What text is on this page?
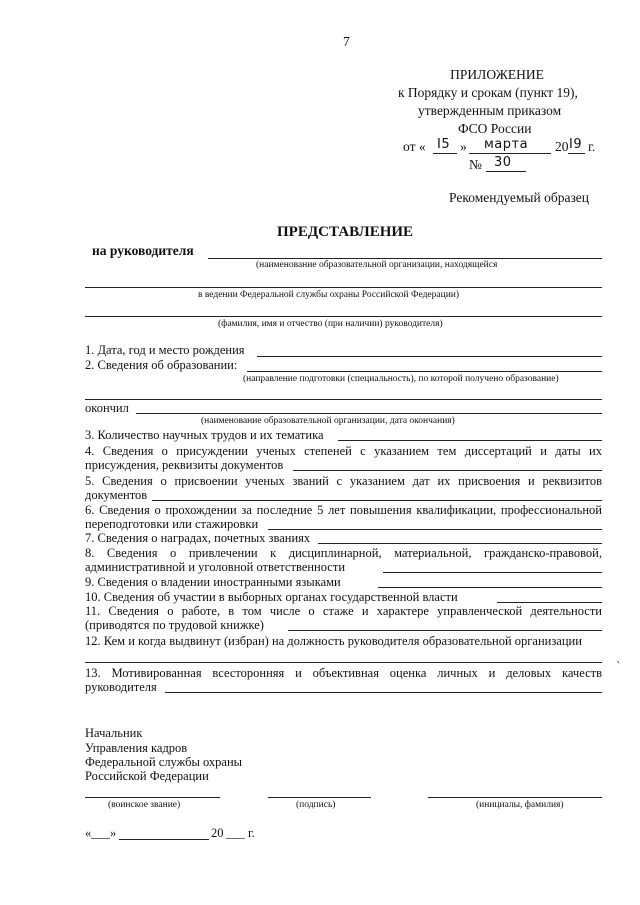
7
ПРИЛОЖЕНИЕ
к Порядку и срокам (пункт 19),
утвержденным приказом
ФСО России
от « I5 » марта 20 I9 г.
№ 30
Рекомендуемый образец
ПРЕДСТАВЛЕНИЕ
на руководителя
(наименование образовательной организации, находящейся
в ведении Федеральной службы охраны Российской Федерации)
(фамилия, имя и отчество (при наличии) руководителя)
1. Дата, год и место рождения
2. Сведения об образовании:
(направление подготовки (специальность), по которой получено образование)
окончил
(наименование образовательной организации, дата окончания)
3. Количество научных трудов и их тематика
4. Сведения о присуждении ученых степеней с указанием тем диссертаций и даты их
присуждения, реквизиты документов
5. Сведения о присвоении ученых званий с указанием дат их присвоения и реквизитов
документов
6. Сведения о прохождении за последние 5 лет повышения квалификации, профессиональной
переподготовки или стажировки
7. Сведения о наградах, почетных званиях
8. Сведения о привлечении к дисциплинарной, материальной, гражданско-правовой,
административной и уголовной ответственности
9. Сведения о владении иностранными языками
10. Сведения об участии в выборных органах государственной власти
11. Сведения о работе, в том числе о стаже и характере управленческой деятельности
(приводятся по трудовой книжке)
12. Кем и когда выдвинут (избран) на должность руководителя образовательной организации
ˏ
13. Мотивированная всесторонняя и объективная оценка личных и деловых качеств
руководителя
Начальник
Управления кадров
Федеральной службы охраны
Российской Федерации
(воинское звание)	(подпись)	(инициалы, фамилия)
«___»	20 ___ г.
